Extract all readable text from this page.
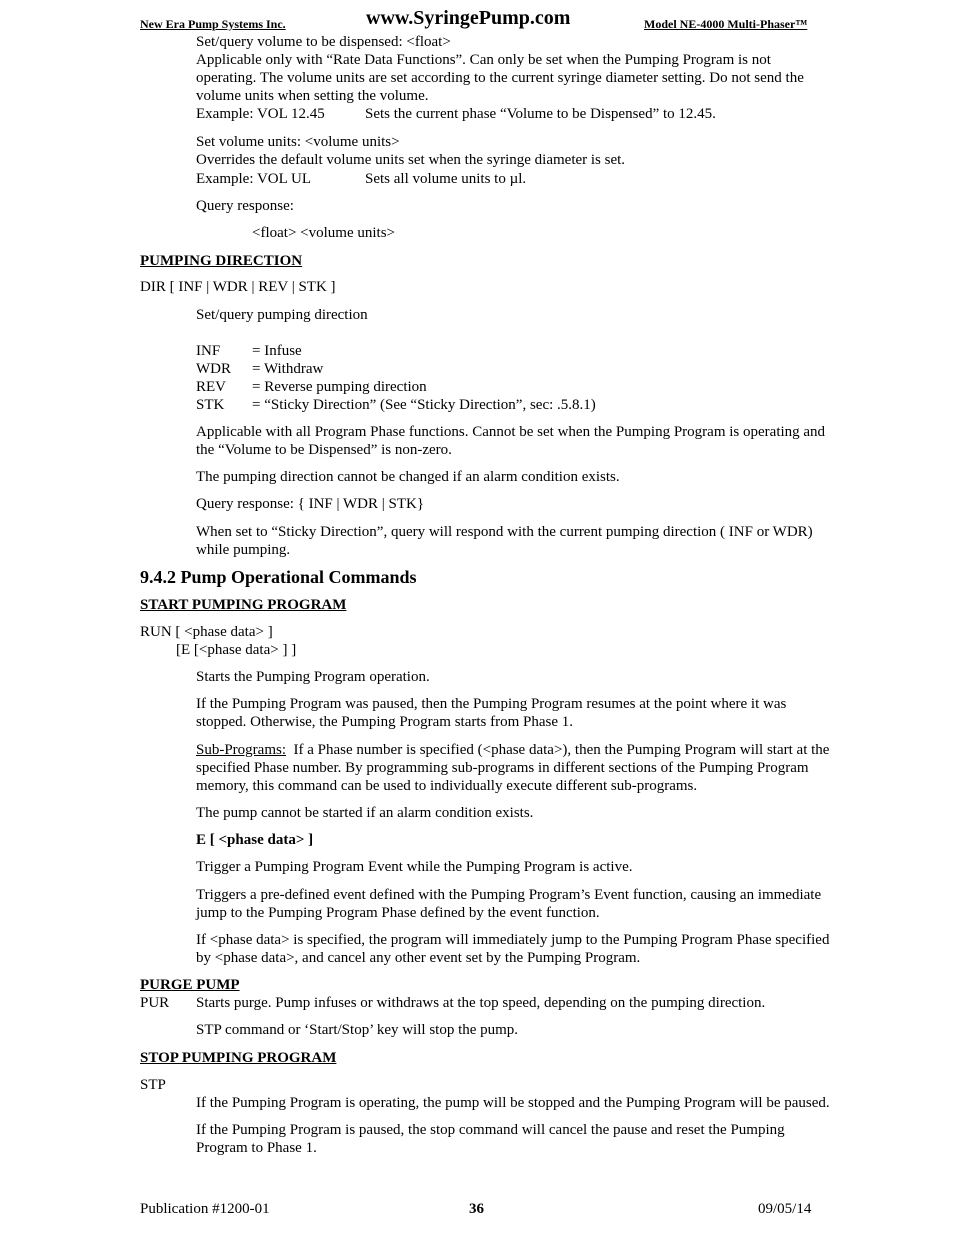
New Era Pump Systems Inc.	www.SyringePump.com	Model NE-4000 Multi-Phaser™
Set/query volume to be dispensed: <float>
Applicable only with “Rate Data Functions”. Can only be set when the Pumping Program is not
operating. The volume units are set according to the current syringe diameter setting. Do not send the
volume units when setting the volume.
Example: VOL 12.45	Sets the current phase “Volume to be Dispensed” to 12.45.
Set volume units: <volume units>
Overrides the default volume units set when the syringe diameter is set.
Example: VOL UL	Sets all volume units to µl.
Query response:
<float> <volume units>
PUMPING DIRECTION
DIR [ INF | WDR | REV | STK ]
Set/query pumping direction
INF = Infuse
WDR = Withdraw
REV = Reverse pumping direction
STK = “Sticky Direction” (See “Sticky Direction”, sec: .5.8.1)
Applicable with all Program Phase functions. Cannot be set when the Pumping Program is operating and
the “Volume to be Dispensed” is non-zero.
The pumping direction cannot be changed if an alarm condition exists.
Query response: { INF | WDR | STK}
When set to “Sticky Direction”, query will respond with the current pumping direction ( INF or WDR)
while pumping.
9.4.2 Pump Operational Commands
START PUMPING PROGRAM
RUN [ <phase data> ]
[E [<phase data> ] ]
Starts the Pumping Program operation.
If the Pumping Program was paused, then the Pumping Program resumes at the point where it was
stopped. Otherwise, the Pumping Program starts from Phase 1.
Sub-Programs:  If a Phase number is specified (<phase data>), then the Pumping Program will start at the
specified Phase number. By programming sub-programs in different sections of the Pumping Program
memory, this command can be used to individually execute different sub-programs.
The pump cannot be started if an alarm condition exists.
E [ <phase data> ]
Trigger a Pumping Program Event while the Pumping Program is active.
Triggers a pre-defined event defined with the Pumping Program’s Event function, causing an immediate
jump to the Pumping Program Phase defined by the event function.
If <phase data> is specified, the program will immediately jump to the Pumping Program Phase specified
by <phase data>, and cancel any other event set by the Pumping Program.
PURGE PUMP
PUR Starts purge. Pump infuses or withdraws at the top speed, depending on the pumping direction.
STP command or ‘Start/Stop’ key will stop the pump.
STOP PUMPING PROGRAM
STP
If the Pumping Program is operating, the pump will be stopped and the Pumping Program will be paused.
If the Pumping Program is paused, the stop command will cancel the pause and reset the Pumping
Program to Phase 1.
Publication #1200-01	36	09/05/14
